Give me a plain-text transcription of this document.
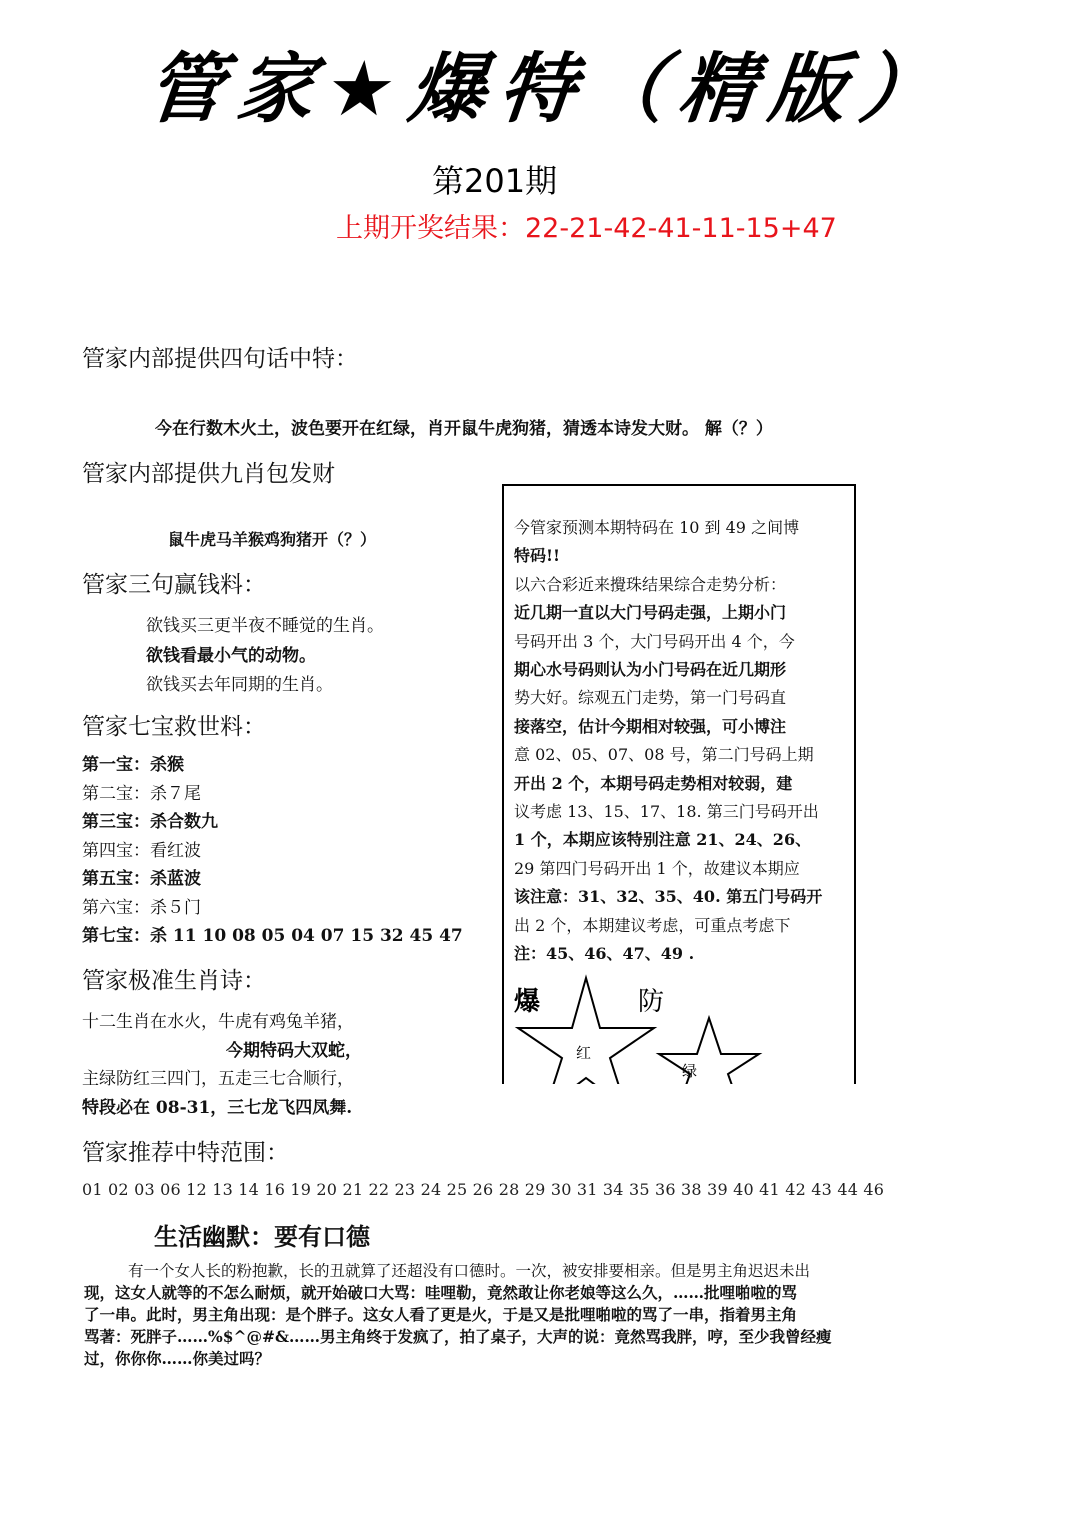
管家★爆特（精版）
第201期
上期开奖结果：22-21-42-41-11-15+47
管家内部提供四句话中特：
今在行数木火土，波色要开在红绿，肖开鼠牛虎狗猪，猜透本诗发大财。 解（？）
管家内部提供九肖包发财
鼠牛虎马羊猴鸡狗猪开（？）
管家三句赢钱料：
欲钱买三更半夜不睡觉的生肖。
欲钱看最小气的动物。
欲钱买去年同期的生肖。
管家七宝救世料：
第一宝：杀猴
第二宝：杀７尾
第三宝：杀合数九
第四宝：看红波
第五宝：杀蓝波
第六宝：杀５门
第七宝：杀 11 10 08 05 04 07 15 32 45 47
管家极准生肖诗：
十二生肖在水火，牛虎有鸡兔羊猪，
今期特码大双蛇，
主绿防红三四门，五走三七合顺行，
特段必在 08-31，三七龙飞四凤舞.
管家推荐中特范围：
01 02 03 06 12 13 14 16 19 20 21 22 23 24 25 26 28 29 30 31 34 35 36 38 39 40 41 42 43 44 46
今管家预测本期特码在 10 到 49 之间博
特码!!
以六合彩近来攪珠结果综合走势分析：
近几期一直以大门号码走强，上期小门
号码开出 3 个，大门号码开出 4 个，今
期心水号码则认为小门号码在近几期形
势大好。综观五门走势，第一门号码直
接落空，估计今期相对较强，可小博注
意 02、05、07、08 号，第二门号码上期
开出 2 个，本期号码走势相对较弱，建
议考虑 13、15、17、18. 第三门号码开出
1 个，本期应该特别注意 21、24、26、
29 第四门号码开出 1 个，故建议本期应
该注意：31、32、35、40. 第五门号码开
出 2 个，本期建议考虑，可重点考虑下
注：45、46、47、49 .
爆
红
防
绿
生活幽默：要有口德
有一个女人长的粉抱歉，长的丑就算了还超没有口德时。一次，被安排要相亲。但是男主角迟迟未出
现，这女人就等的不怎么耐烦，就开始破口大骂：哇哩勒，竟然敢让你老娘等这么久，……批哩啪啦的骂
了一串。此时，男主角出现：是个胖子。这女人看了更是火，于是又是批哩啪啦的骂了一串，指着男主角
骂著：死胖子……%$^@#&……男主角终于发疯了，拍了桌子，大声的说：竟然骂我胖，哼，至少我曾经瘦
过，你你你……你美过吗？
